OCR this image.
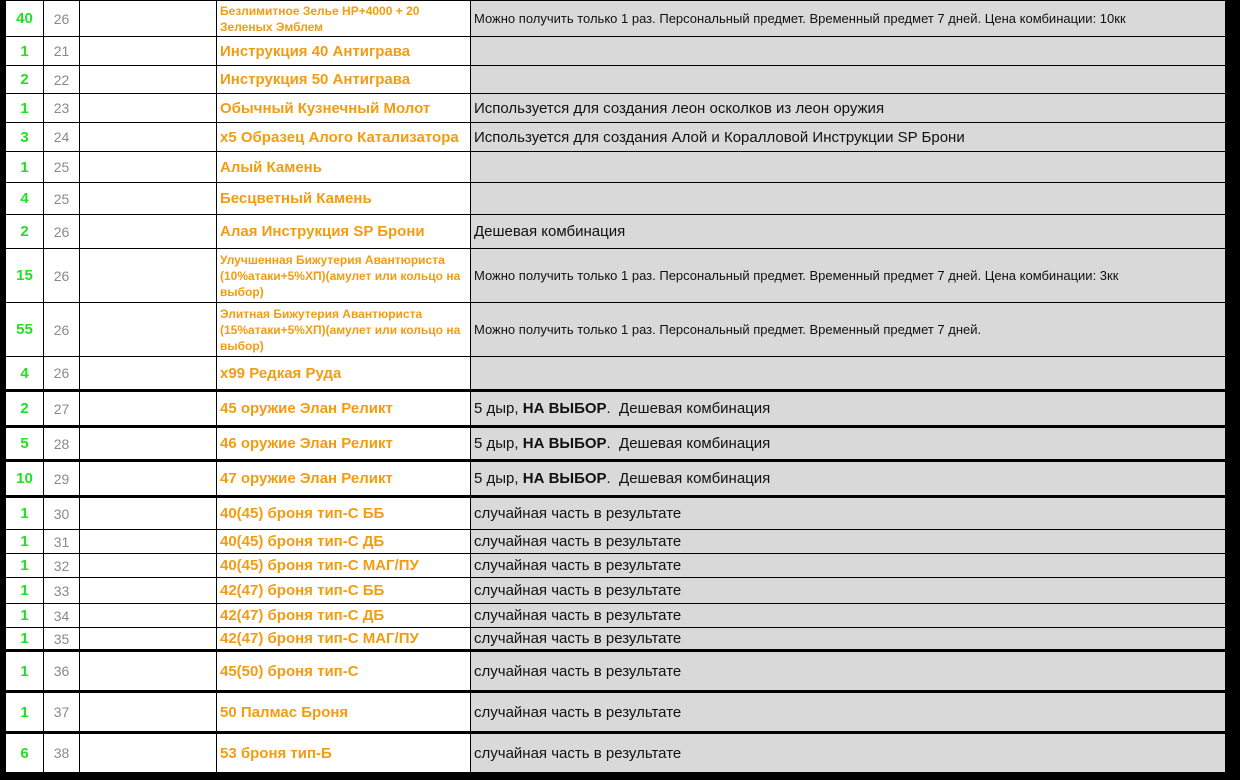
40	26		Безлимитное Зелье HP+4000 + 20 Зеленых Эмблем	Можно получить только 1 раз. Персональный предмет. Временный предмет 7 дней. Цена комбинации: 10кк
1	21		Инструкция 40 Антиграва	
2	22		Инструкция 50 Антиграва	
1	23		Обычный Кузнечный Молот	Используется для создания леон осколков из леон оружия
3	24		x5 Образец Алого Катализатора	Используется для создания Алой и Коралловой Инструкции SP Брони
1	25		Алый Камень	
4	25		Бесцветный Камень	
2	26		Алая Инструкция SP Брони	Дешевая комбинация
15	26		Улучшенная Бижутерия Авантюриста (10%атаки+5%ХП)(амулет или кольцо на выбор)	Можно получить только 1 раз. Персональный предмет. Временный предмет 7 дней. Цена комбинации: 3кк
55	26		Элитная Бижутерия Авантюриста (15%атаки+5%ХП)(амулет или кольцо на выбор)	Можно получить только 1 раз. Персональный предмет. Временный предмет 7 дней.
4	26		x99 Редкая Руда	
2	27		45 оружие Элан Реликт	5 дыр, НА ВЫБОР.  Дешевая комбинация
5	28		46 оружие Элан Реликт	5 дыр, НА ВЫБОР.  Дешевая комбинация
10	29		47 оружие Элан Реликт	5 дыр, НА ВЫБОР.  Дешевая комбинация
1	30		40(45) броня тип-С ББ	случайная часть в результате
1	31		40(45) броня тип-С ДБ	случайная часть в результате
1	32		40(45) броня тип-С МАГ/ПУ	случайная часть в результате
1	33		42(47) броня тип-С ББ	случайная часть в результате
1	34		42(47) броня тип-С ДБ	случайная часть в результате
1	35		42(47) броня тип-С МАГ/ПУ	случайная часть в результате
1	36		45(50) броня тип-С	случайная часть в результате
1	37		50 Палмас Броня	случайная часть в результате
6	38		53 броня тип-Б	случайная часть в результате
